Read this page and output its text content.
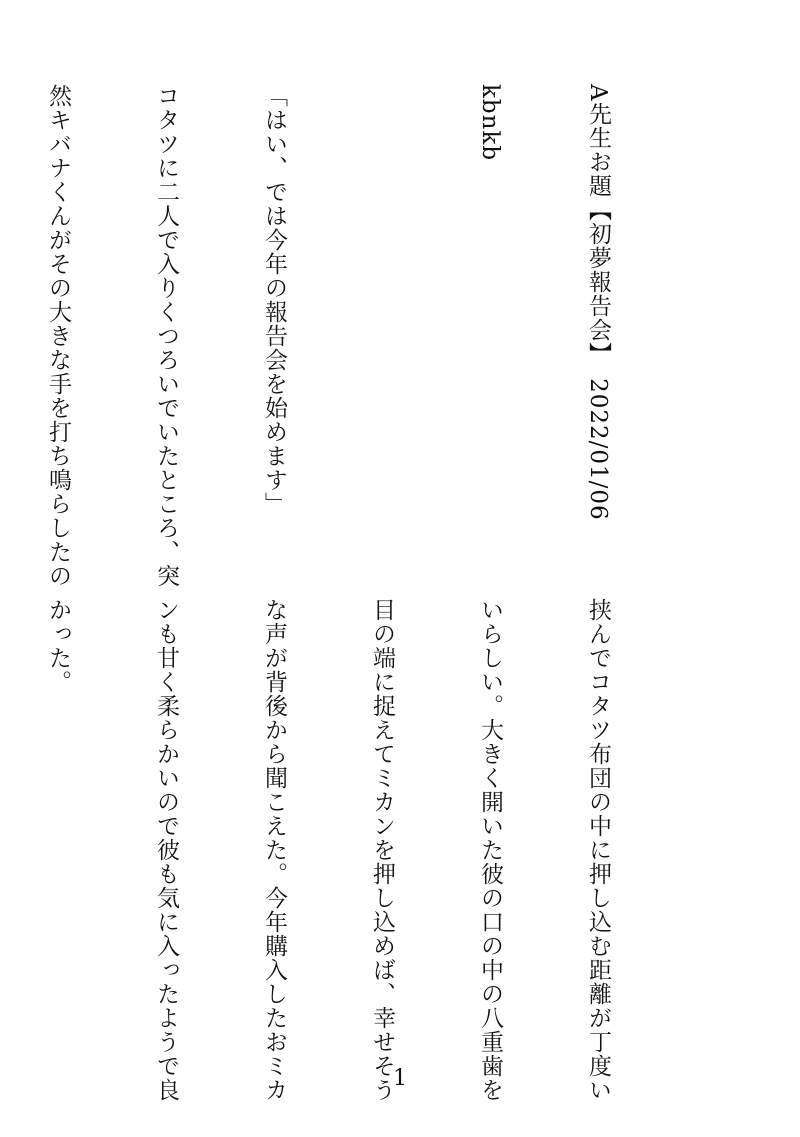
A先生お題【初夢報告会】　2022/01/06

kbnkb

「はい、では今年の報告会を始めます」

コタツに二人で入りくつろいでいたところ、突

然キバナくんがその大きな手を打ち鳴らしたの

挟んでコタツ布団の中に押し込む距離が丁度い

いらしい。大きく開いた彼の口の中の八重歯を

目の端に捉えてミカンを押し込めば、幸せそう

な声が背後から聞こえた。今年購入したおミカ

ンも甘く柔らかいので彼も気に入ったようで良

かった。

1
